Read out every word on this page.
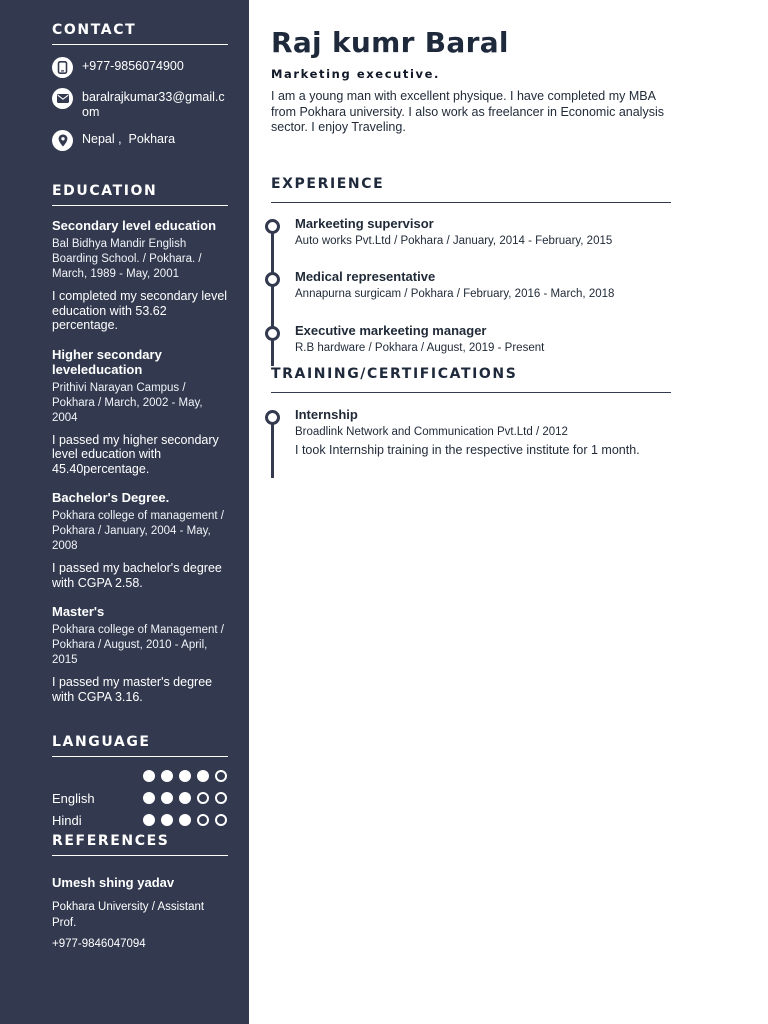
CONTACT
+977-9856074900
baralrajkumar33@gmail.com
Nepal ,  Pokhara
EDUCATION
Secondary level education
Bal Bidhya Mandir English Boarding School. / Pokhara. / March, 1989 - May, 2001
I completed my secondary level education with 53.62 percentage.
Higher secondary leveleducation
Prithivi Narayan Campus / Pokhara / March, 2002 - May, 2004
I passed my higher secondary level education with 45.40percentage.
Bachelor's Degree.
Pokhara college of management / Pokhara / January, 2004 - May, 2008
I passed my bachelor's degree with CGPA 2.58.
Master's
Pokhara college of Management / Pokhara / August, 2010 - April, 2015
I passed my master's degree with CGPA 3.16.
LANGUAGE
English
Hindi
REFERENCES
Umesh shing yadav
Pokhara University / Assistant Prof.
+977-9846047094
Raj kumr Baral
Marketing executive.

I am a young man with excellent physique. I have completed my MBA from Pokhara university. I also work as freelancer in Economic analysis sector. I enjoy Traveling.

EXPERIENCE
Markeeting supervisor
Auto works Pvt.Ltd / Pokhara / January, 2014 - February, 2015
Medical representative
Annapurna surgicam / Pokhara / February, 2016 - March, 2018
Executive markeeting manager
R.B hardware / Pokhara / August, 2019 - Present
TRAINING/CERTIFICATIONS
Internship
Broadlink Network and Communication Pvt.Ltd / 2012
I took Internship training in the respective institute for 1 month.
